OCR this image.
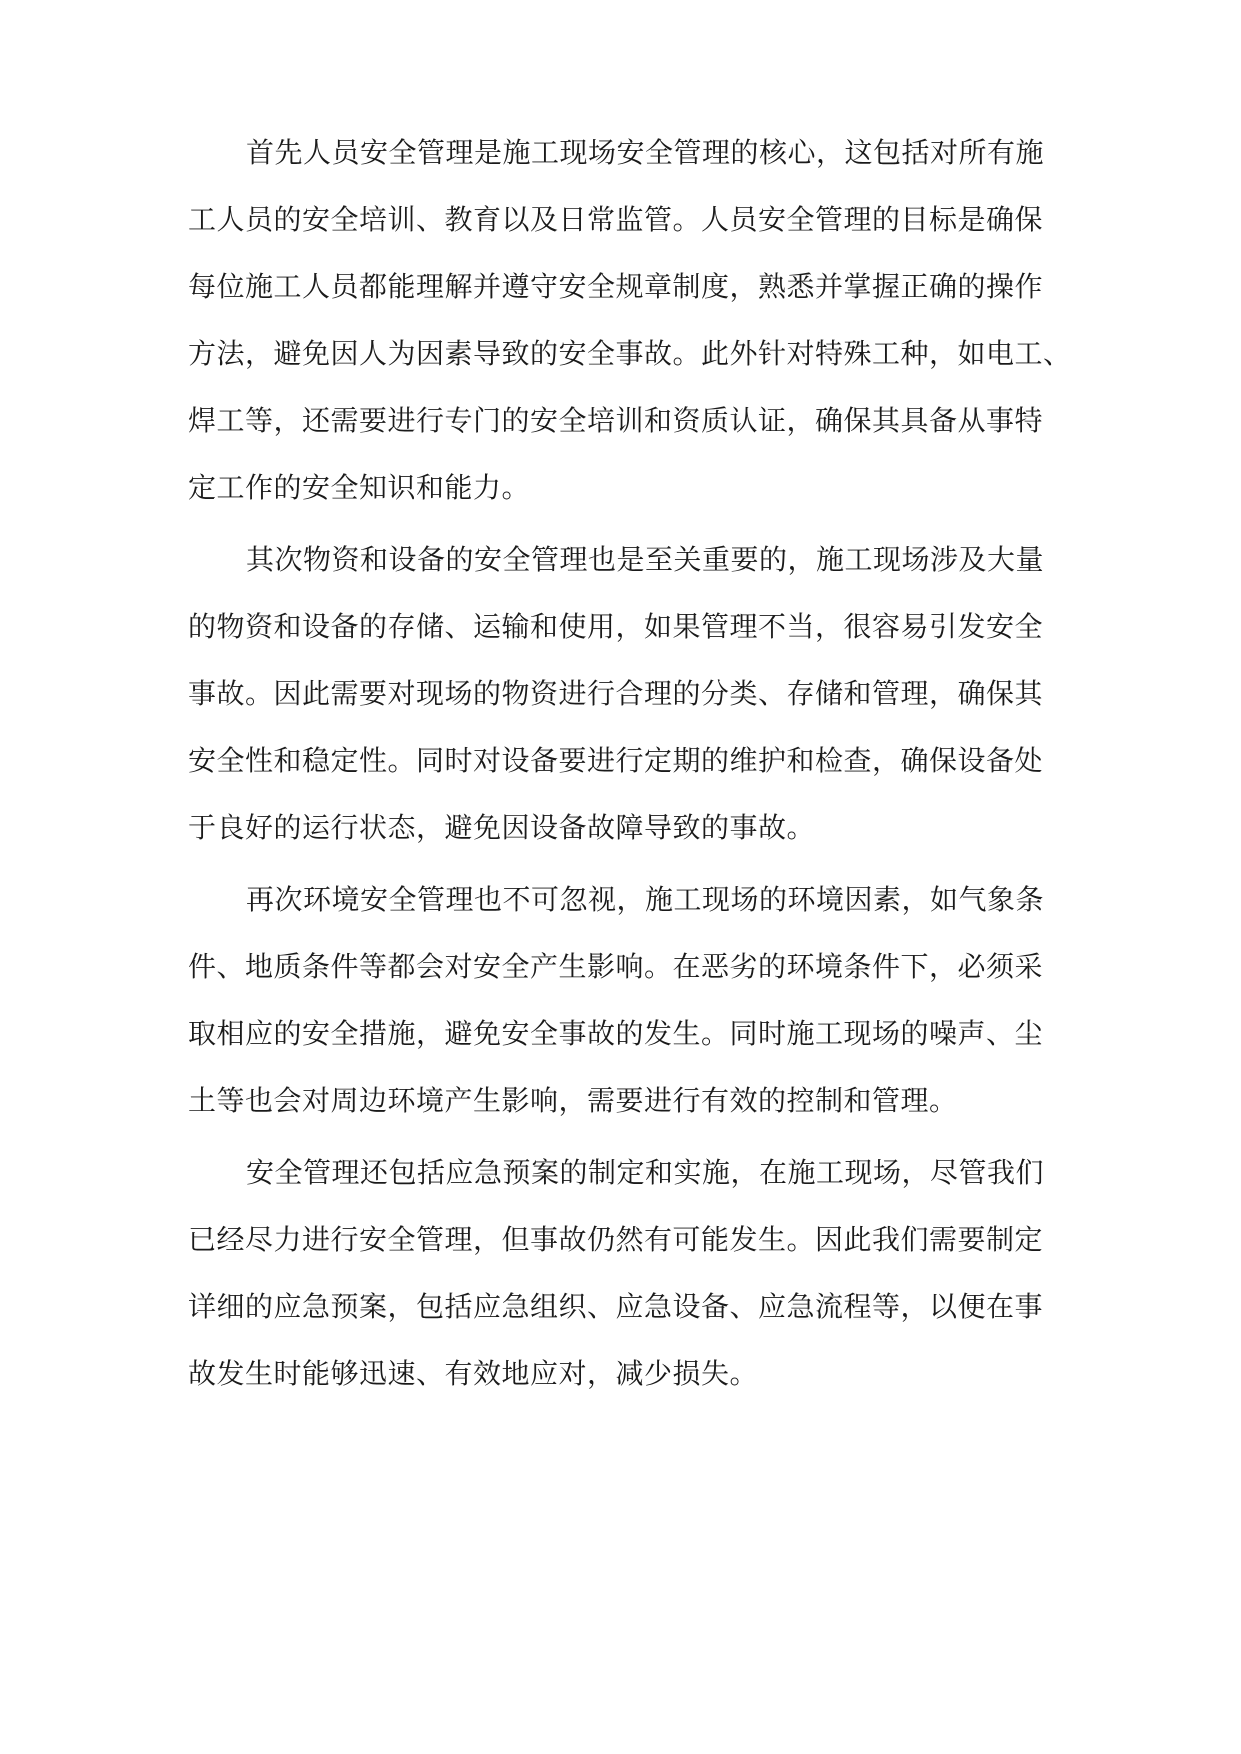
首先人员安全管理是施工现场安全管理的核心，这包括对所有施
工人员的安全培训、教育以及日常监管。人员安全管理的目标是确保
每位施工人员都能理解并遵守安全规章制度，熟悉并掌握正确的操作
方法，避免因人为因素导致的安全事故。此外针对特殊工种，如电工、
焊工等，还需要进行专门的安全培训和资质认证，确保其具备从事特
定工作的安全知识和能力。
其次物资和设备的安全管理也是至关重要的，施工现场涉及大量
的物资和设备的存储、运输和使用，如果管理不当，很容易引发安全
事故。因此需要对现场的物资进行合理的分类、存储和管理，确保其
安全性和稳定性。同时对设备要进行定期的维护和检查，确保设备处
于良好的运行状态，避免因设备故障导致的事故。
再次环境安全管理也不可忽视，施工现场的环境因素，如气象条
件、地质条件等都会对安全产生影响。在恶劣的环境条件下，必须采
取相应的安全措施，避免安全事故的发生。同时施工现场的噪声、尘
土等也会对周边环境产生影响，需要进行有效的控制和管理。
安全管理还包括应急预案的制定和实施，在施工现场，尽管我们
已经尽力进行安全管理，但事故仍然有可能发生。因此我们需要制定
详细的应急预案，包括应急组织、应急设备、应急流程等，以便在事
故发生时能够迅速、有效地应对，减少损失。
